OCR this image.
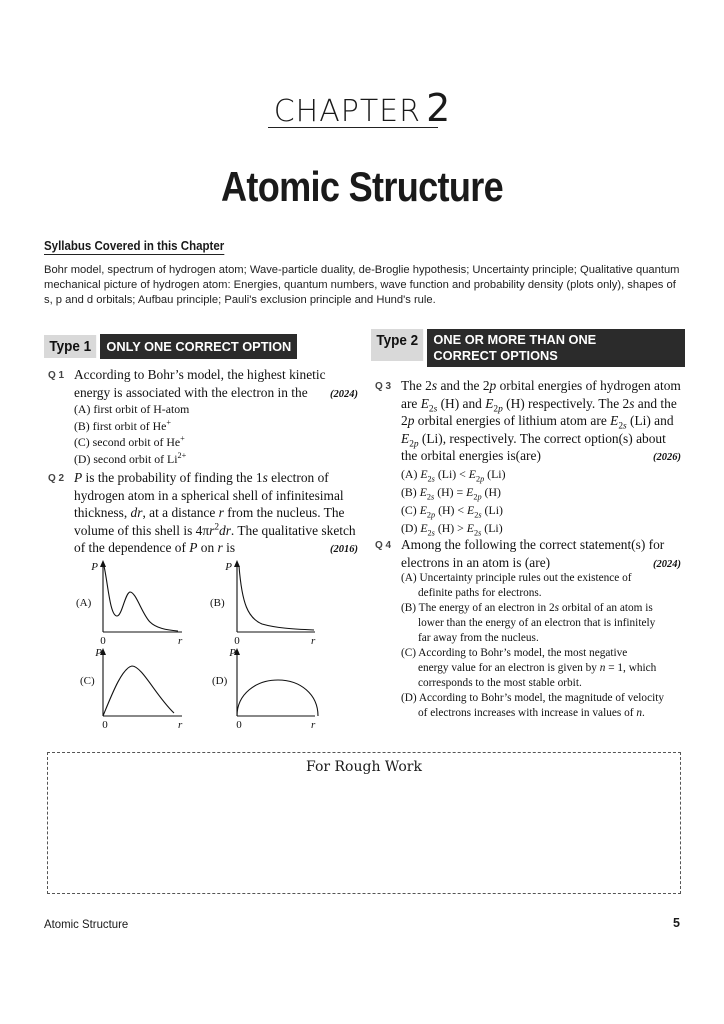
CHAPTER 2
Atomic Structure
Syllabus Covered in this Chapter
Bohr model, spectrum of hydrogen atom; Wave-particle duality, de-Broglie hypothesis; Uncertainty principle; Qualitative quantum mechanical picture of hydrogen atom: Energies, quantum numbers, wave function and probability density (plots only), shapes of s, p and d orbitals; Aufbau principle; Pauli's exclusion principle and Hund's rule.
Type 1	ONLY ONE CORRECT OPTION	Type 2	ONE OR MORE THAN ONE
CORRECT OPTIONS
Q 1 According to Bohr’s model, the highest kinetic energy is associated with the electron in the (2024)
(A) first orbit of H-atom
(B) first orbit of He+
(C) second orbit of He+
(D) second orbit of $Li^{2+}$
Q 2 P is the probability of finding the 1s electron of hydrogen atom in a spherical shell of infinitesimal thickness, dr, at a distance r from the nucleus. The volume of this shell is $4\pi r^2dr$. The qualitative sketch of the dependence of P on r is	(2016)
P
(A)
0	r
P
(B)
0	r
P
(C)
0	r
P
(D)
0	r
Q 3 The 2s and the 2p orbital energies of hydrogen atom are $E_{2s}$ (H) and $E_{2p}$ (H) respectively. The 2s and the 2p orbital energies of lithium atom are $E_{2s}$ (Li) and $E_{2p}$ (Li), respectively. The correct option(s) about the orbital energies is(are)	(2026)
(A) $E_{2s}$ $(Li) < E_{2p}$ (Li)
(B) $E_{2s}$ $(H) = E_{2p}$ (H)
(C) $E_{2p}$ $(H) < E_{2s}$ (Li)
(D) $E_{2s}$ $(H) > E_{2s}$ (Li)
Q 4 Among the following the correct statement(s) for electrons in an atom is (are)	(2024)
(A) Uncertainty principle rules out the existence of
definite paths for electrons.
(B) The energy of an electron in 2s orbital of an atom is
lower than the energy of an electron that is infinitely
far away from the nucleus.
(C) According to Bohr’s model, the most negative
energy value for an electron is given by n = 1, which
corresponds to the most stable orbit.
(D) According to Bohr’s model, the magnitude of velocity
of electrons increases with increase in values of n.
For Rough Work
Atomic Structure	5
